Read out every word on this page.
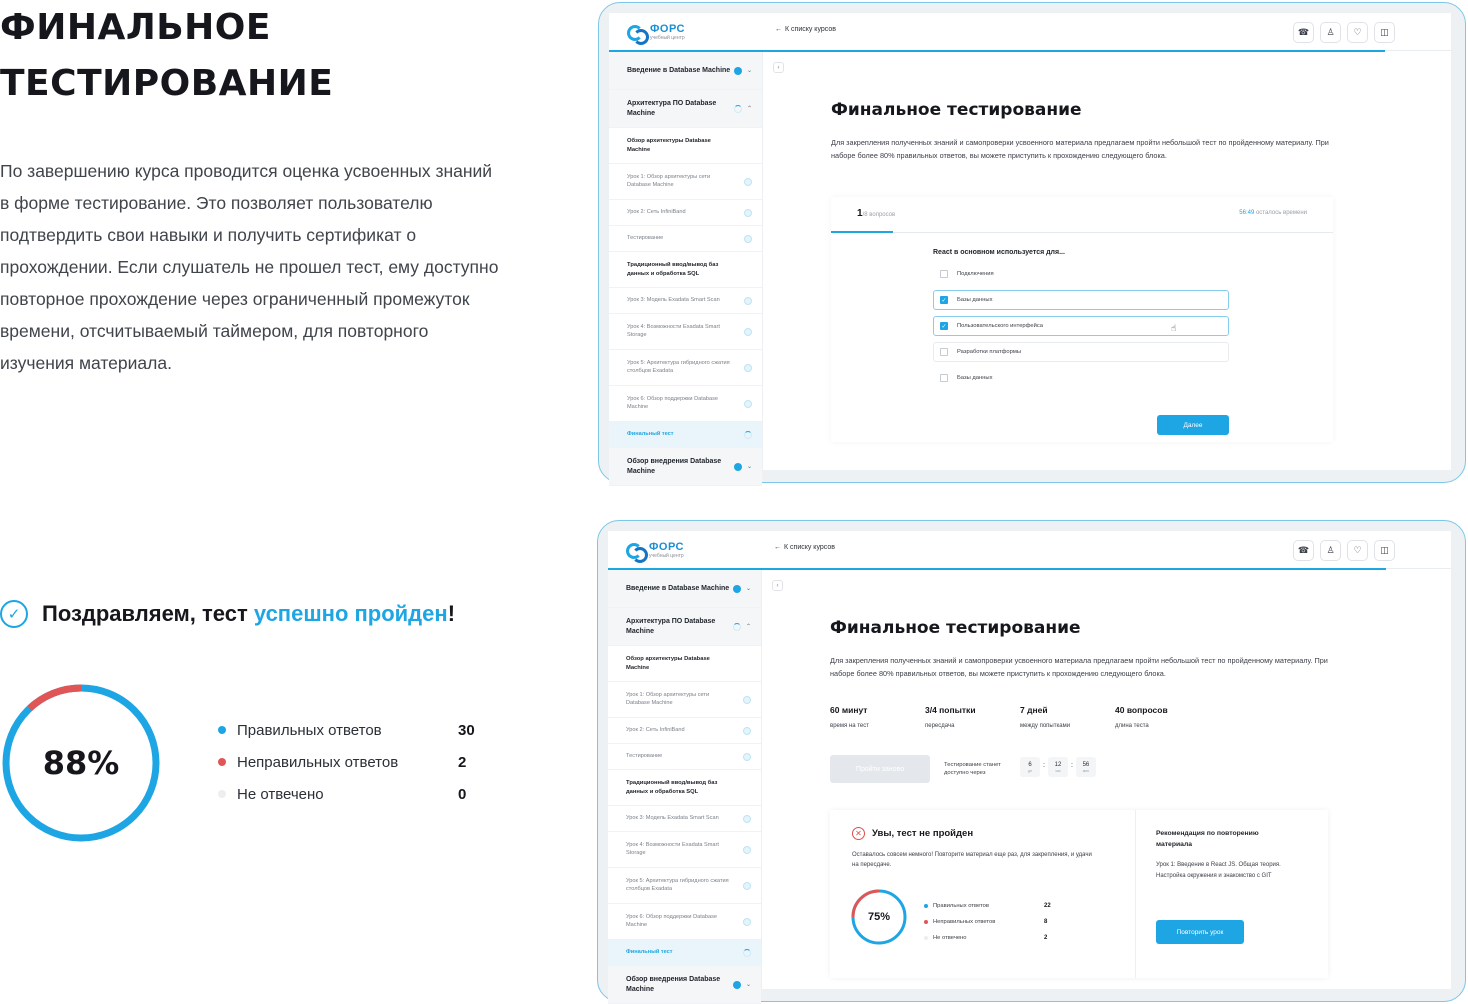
ФИНАЛЬНОЕ
ТЕСТИРОВАНИЕ

По завершению курса проводится оценка усвоенных знаний в форме тестирование. Это позволяет пользователю подтвердить свои навыки и получить сертификат о прохождении. Если слушатель не прошел тест, ему доступно повторное прохождение через ограниченный промежуток времени, отсчитываемый таймером, для повторного изучения материала.

✓ Поздравляем, тест успешно пройден!
88%
Правильных ответов	30
Неправильных ответов	2
Не отвечено	0
ФОРС
учебный центр
← К списку курсов	☎	♙	♡	◫
Введение в Database Machine	⌄
Архитектура ПО Database Machine
⌃
Обзор архитектуры Database Machine
Урок 1: Обзор архитектуры сети Database Machine
Урок 2: Сеть InfiniBand
Тестирование
Традиционный ввод/вывод баз данных и обработка SQL
Урок 3: Модель Exadata Smart Scan
Урок 4: Возможности Exadata Smart Storage
Урок 5: Архитектура гибридного сжатия столбцов Exadata
Урок 6: Обзор поддержки Database Machine
Финальный тест
Обзор внедрения Database Machine
⌄
‹
Финальное тестирование
Для закрепления полученных знаний и самопроверки усвоенного материала предлагаем пройти небольшой тест по пройденному материалу. При наборе более 80% правильных ответов, вы можете приступить к прохождению следующего блока.
1/8 вопросов	56:49 осталось времени
React в основном используется для...
Подключения
✓ Базы данных
✓ Пользовательского интерфейса
Разработки платформы
Базы данных
☝
Далее
ФОРС
учебный центр
← К списку курсов	☎	♙	♡	◫
Введение в Database Machine	⌄
Архитектура ПО Database Machine
⌃
Обзор архитектуры Database Machine
Урок 1: Обзор архитектуры сети Database Machine
Урок 2: Сеть InfiniBand
Тестирование
Традиционный ввод/вывод баз данных и обработка SQL
Урок 3: Модель Exadata Smart Scan
Урок 4: Возможности Exadata Smart Storage
Урок 5: Архитектура гибридного сжатия столбцов Exadata
Урок 6: Обзор поддержки Database Machine
Финальный тест
Обзор внедрения Database Machine
⌄
‹
Финальное тестирование
Для закрепления полученных знаний и самопроверки усвоенного материала предлагаем пройти небольшой тест по пройденному материалу. При наборе более 80% правильных ответов, вы можете приступить к прохождению следующего блока.
60 минут
время на тест
3/4 попытки
пересдача
7 дней
между попытками
40 вопросов
длина теста
Пройти заново
Тестирование станет доступно через
6
дн
: 12
час
: 56
мин
✕	Увы, тест не пройден
Оставалось совсем немного! Повторите материал еще раз, для закрепления, и удачи на пересдаче.
75%
Правильных ответов	22
Неправильных ответов	8
Не отвечено	2
Рекомендация по повторению материала
Урок 1: Введение в React JS. Общая теория. Настройка окружения и знакомство с GIT
Повторить урок
